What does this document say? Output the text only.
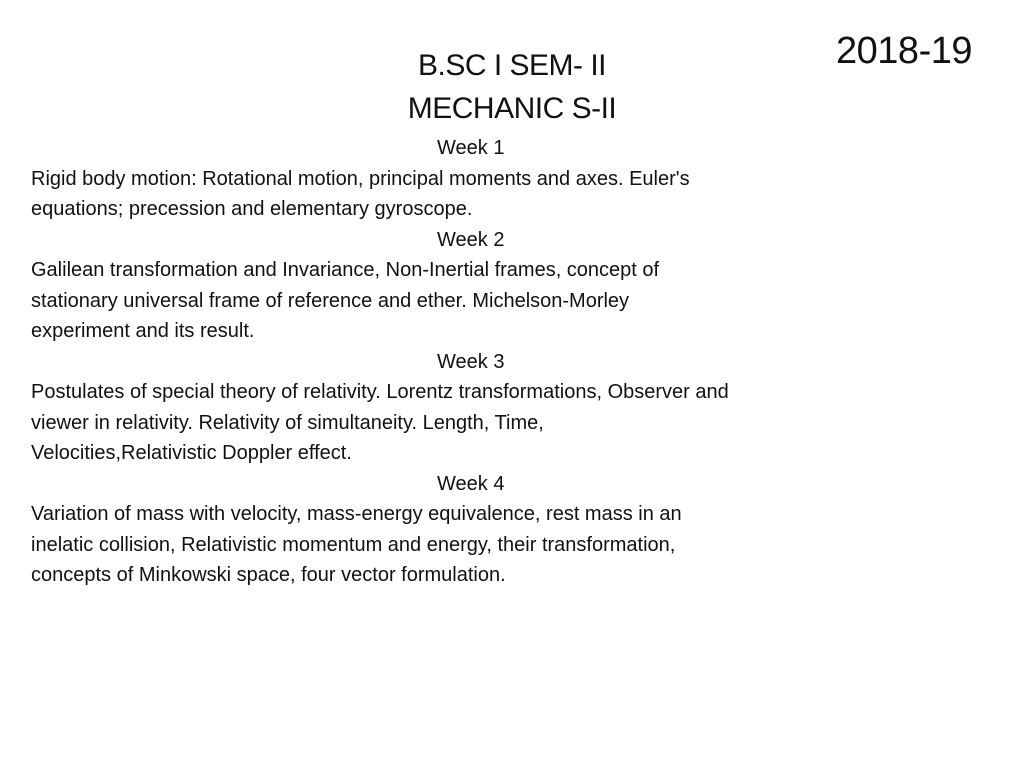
2018-19
B.SC I SEM- II
MECHANIC S-II
Week 1
Rigid body motion: Rotational motion, principal moments and axes. Euler's
equations; precession and elementary gyroscope.
Week 2
Galilean transformation and Invariance, Non-Inertial frames, concept of
stationary universal frame of reference and ether. Michelson-Morley
experiment and its result.
Week 3
Postulates of special theory of relativity. Lorentz transformations, Observer and
viewer in relativity. Relativity of simultaneity. Length, Time,
Velocities,Relativistic Doppler effect.
Week 4
Variation of mass with velocity, mass-energy equivalence, rest mass in an
inelatic collision, Relativistic momentum and energy, their transformation,
concepts of Minkowski space, four vector formulation.
